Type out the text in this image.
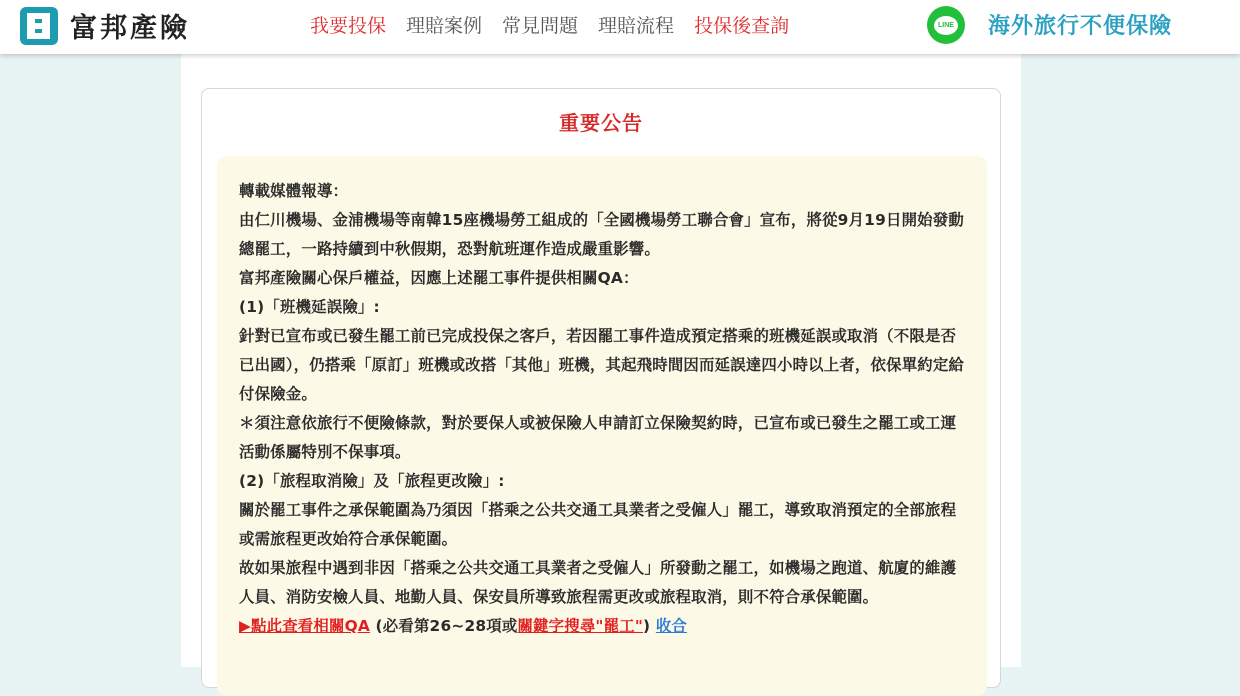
富邦產險	我要投保 理賠案例 常見問題 理賠流程 投保後查詢	LINE 海外旅行不便保險
重要公告

轉載媒體報導：

由仁川機場、金浦機場等南韓15座機場勞工組成的「全國機場勞工聯合會」宣布，將從9月19日開始發動總罷工，一路持續到中秋假期，恐對航班運作造成嚴重影響。

富邦產險關心保戶權益，因應上述罷工事件提供相關QA：

(1)「班機延誤險」:

針對已宣布或已發生罷工前已完成投保之客戶，若因罷工事件造成預定搭乘的班機延誤或取消（不限是否已出國），仍搭乘「原訂」班機或改搭「其他」班機，其起飛時間因而延誤達四小時以上者，依保單約定給付保險金。

＊須注意依旅行不便險條款，對於要保人或被保險人申請訂立保險契約時，已宣布或已發生之罷工或工運活動係屬特別不保事項。

(2)「旅程取消險」及「旅程更改險」:

關於罷工事件之承保範圍為乃須因「搭乘之公共交通工具業者之受僱人」罷工，導致取消預定的全部旅程或需旅程更改始符合承保範圍。

故如果旅程中遇到非因「搭乘之公共交通工具業者之受僱人」所發動之罷工，如機場之跑道、航廈的維護人員、消防安檢人員、地勤人員、保安員所導致旅程需更改或旅程取消，則不符合承保範圍。

▶點此查看相關QA (必看第26~28項或關鍵字搜尋"罷工") 收合
